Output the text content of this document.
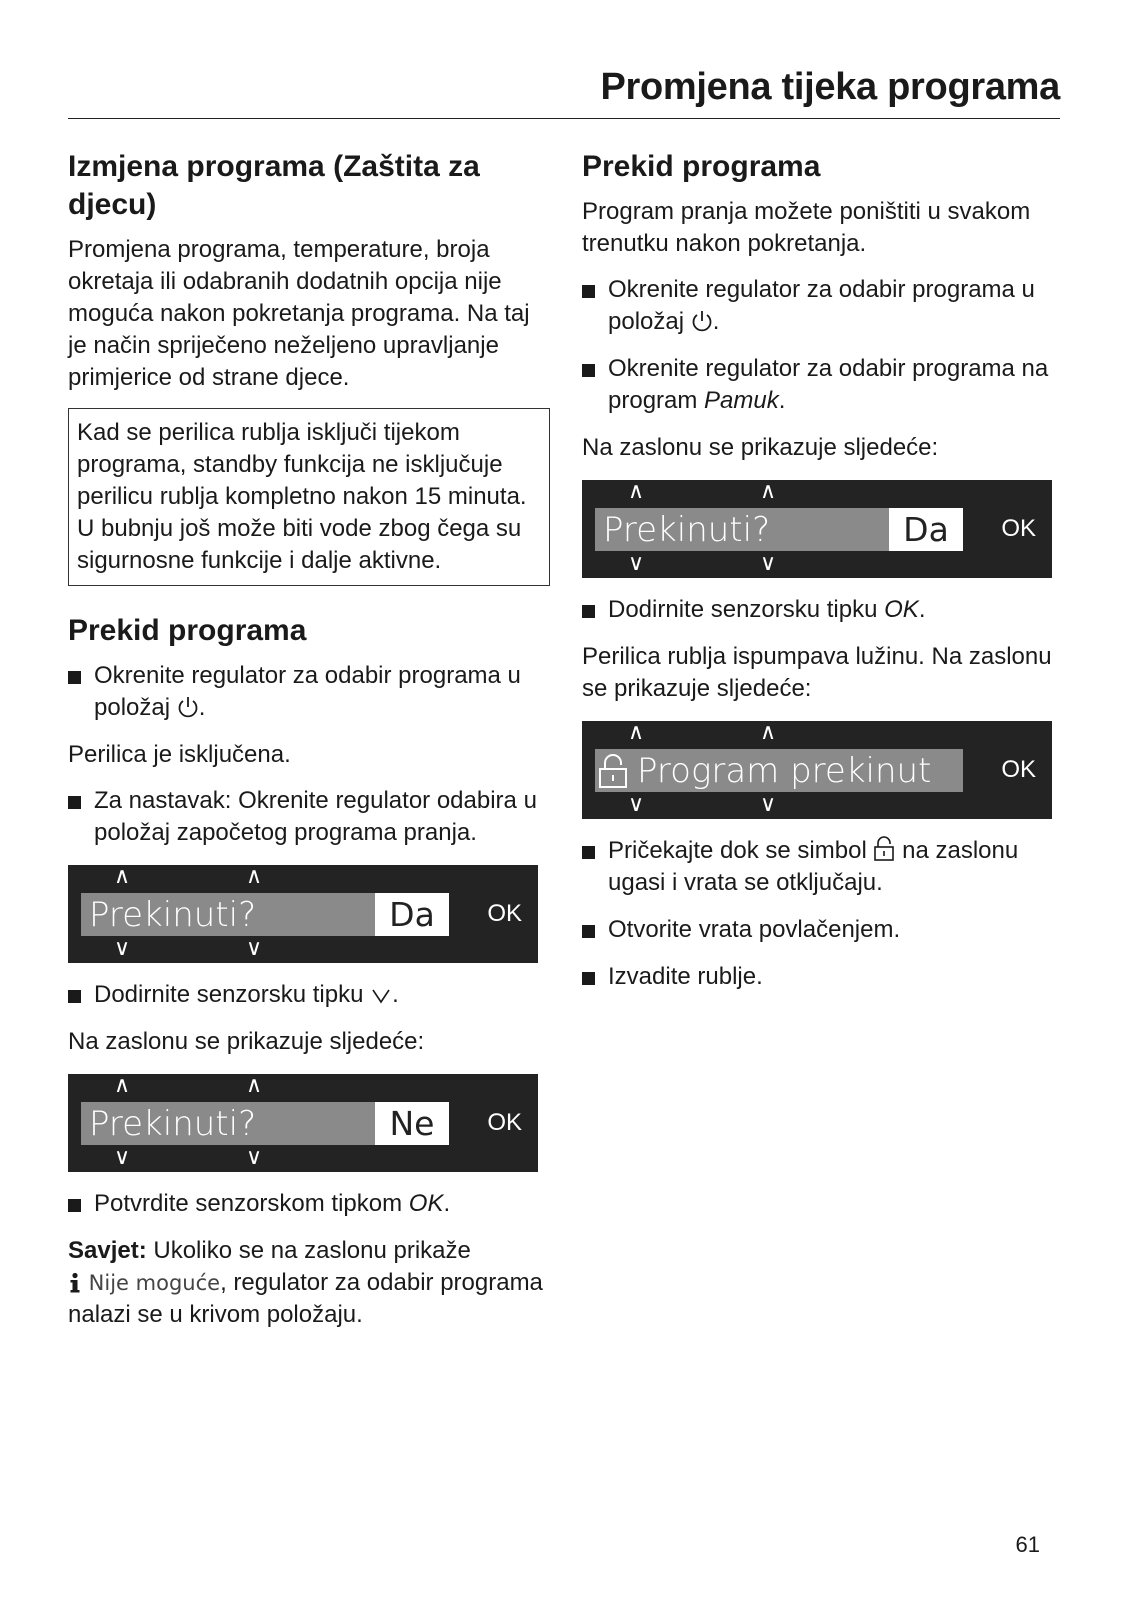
Promjena tijeka programa
Izmjena programa (Zaštita za djecu)

Promjena programa, temperature, broja okretaja ili odabranih dodatnih opcija nije moguća nakon pokretanja programa. Na taj je način spriječeno neželjeno upravljanje primjerice od strane djece.

Kad se perilica rublja isključi tijekom programa, standby funkcija ne isključuje perilicu rublja kompletno nakon 15 minuta. U bubnju još može biti vode zbog čega su sigurnosne funkcije i dalje aktivne.
Prekid programa
Okrenite regulator za odabir programa u položaj .

Perilica je isključena.

Za nastavak: Okrenite regulator odabira u položaj započetog programa pranja.
∧	∧
Prekinuti?	Da	OK
∨	∨
Dodirnite senzorsku tipku .

Na zaslonu se prikazuje sljedeće:

∧	∧
Prekinuti?	Ne	OK
∨	∨
Potvrdite senzorskom tipkom OK.

Savjet: Ukoliko se na zaslonu prikaže
Nije moguće, regulator za odabir programa nalazi se u krivom položaju.

Prekid programa

Program pranja možete poništiti u svakom trenutku nakon pokretanja.

Okrenite regulator za odabir programa u položaj .
Okrenite regulator za odabir programa na program Pamuk.

Na zaslonu se prikazuje sljedeće:

∧	∧
Prekinuti?	Da	OK
∨	∨
Dodirnite senzorsku tipku OK.

Perilica rublja ispumpava lužinu. Na zaslonu se prikazuje sljedeće:

∧	∧
Program prekinut	OK
∨	∨
Pričekajte dok se simbol na zaslonu ugasi i vrata se otključaju.
Otvorite vrata povlačenjem.
Izvadite rublje.
61
